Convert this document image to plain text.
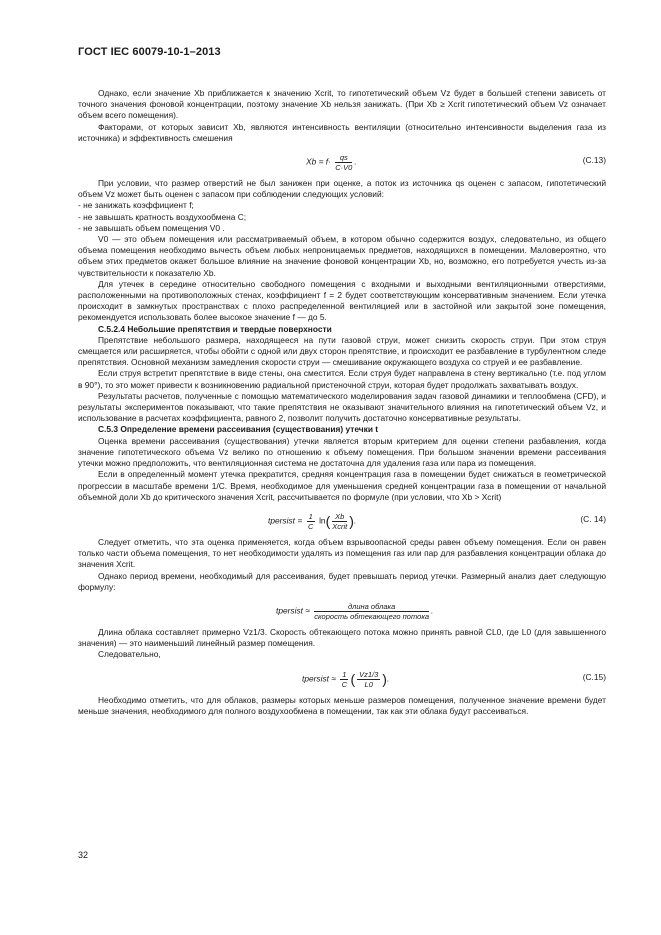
ГОСТ IEC 60079-10-1–2013

Однако, если значение Xb приближается к значению Xcrit, то гипотетический объем Vz будет в большей степени зависеть от точного значения фоновой концентрации, поэтому значение Xb нельзя занижать. (При Xb ≥ Xcrit гипотетический объем Vz означает объем всего помещения).

Факторами, от которых зависит Xb, являются интенсивность вентиляции (относительно интенсивности выделения газа из источника) и эффективность смешения

$Xb = f\cdot \frac{qs}{C\cdot V0}$ .	(C.13)

При условии, что размер отверстий не был занижен при оценке, а поток из источника qs оценен с запасом, гипотетический объем Vz может быть оценен с запасом при соблюдении следующих условий:

- не занижать коэффициент f;

- не завышать кратность воздухообмена C;

- не завышать объем помещения V0 .

V0 — это объем помещения или рассматриваемый объем, в котором обычно содержится воздух, следовательно, из общего объема помещения необходимо вычесть объем любых непроницаемых предметов, находящихся в помещении. Маловероятно, что объем этих предметов окажет большое влияние на значение фоновой концентрации Xb, но, возможно, его потребуется учесть из-за чувствительности к показателю Xb.

Для утечек в середине относительно свободного помещения с входными и выходными вентиляционными отверстиями, расположенными на противоположных стенах, коэффициент f = 2 будет соответствующим консервативным значением. Если утечка происходит в замкнутых пространствах с плохо распределенной вентиляцией или в застойной или закрытой зоне помещения, рекомендуется использовать более высокое значение f — до 5.

C.5.2.4 Небольшие препятствия и твердые поверхности

Препятствие небольшого размера, находящееся на пути газовой струи, может снизить скорость струи. При этом струя смещается или расширяется, чтобы обойти с одной или двух сторон препятствие, и происходит ее разбавление в турбулентном следе препятствия. Основной механизм замедления скорости струи — смешивание окружающего воздуха со струей и ее разбавление.

Если струя встретит препятствие в виде стены, она сместится. Если струя будет направлена в стену вертикально (т.е. под углом в 90°), то это может привести к возникновению радиальной пристеночной струи, которая будет продолжать захватывать воздух.

Результаты расчетов, полученные с помощью математического моделирования задач газовой динамики и теплообмена (CFD), и результаты экспериментов показывают, что такие препятствия не оказывают значительного влияния на гипотетический объем Vz, и использование в расчетах коэффициента, равного 2, позволит получить достаточно консервативные результаты.

C.5.3 Определение времени рассеивания (существования) утечки t

Оценка времени рассеивания (существования) утечки является вторым критерием для оценки степени разбавления, когда значение гипотетического объема Vz велико по отношению к объему помещения. При большом значении времени рассеивания утечки можно предположить, что вентиляционная система не достаточна для удаления газа или пара из помещения.

Если в определенный момент утечка прекратится, средняя концентрация газа в помещении будет снижаться в геометрической прогрессии в масштабе времени 1/C. Время, необходимое для уменьшения средней концентрации газа в помещении от начальной объемной доли Xb до критического значения Xcrit, рассчитывается по формуле (при условии, что Xb > Xcrit)

tpersist = $\frac{1}{C} \ln( \frac{Xb}{\text{Xcrit}}$ ).	(C. 14)

Следует отметить, что эта оценка применяется, когда объем взрывоопасной среды равен объему помещения. Если он равен только части объема помещения, то нет необходимости удалять из помещения газ или пар для разбавления концентрации облака до значения Xcrit.

Однако период времени, необходимый для рассеивания, будет превышать период утечки. Размерный анализ дает следующую формулу:

tpersist ≈ $\frac{\text{длина облака}}{\text{скорость обтекающего потока}}$ .

Длина облака составляет примерно Vz1/3. Скорость обтекающего потока можно принять равной CL0, где L0 (для завышенного значения) — это наименьший линейный размер помещения.

Следовательно,

tpersist ≈ $\frac{1}{C}$ ( $\frac{Vz1/3}{L0}$ ).	(C.15)

Необходимо отметить, что для облаков, размеры которых меньше размеров помещения, полученное значение времени будет меньше значения, необходимого для полного воздухообмена в помещении, так как эти облака будут рассеиваться.

32
